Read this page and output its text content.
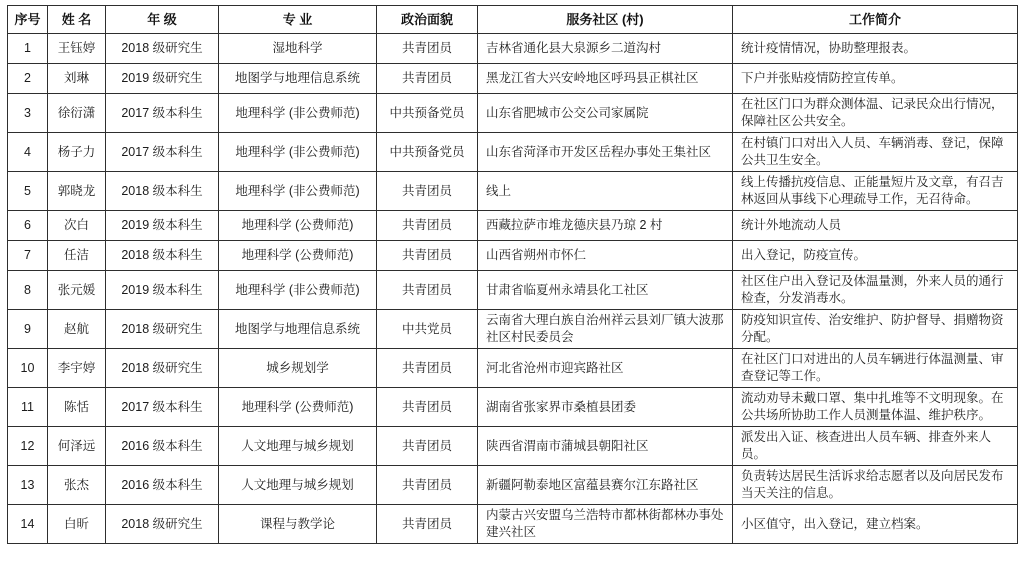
序号	姓 名	年 级	专 业	政治面貌	服务社区 (村)	工作简介
1	王钰婷	2018 级研究生	湿地科学	共青团员	吉林省通化县大泉源乡二道沟村	统计疫情情况，协助整理报表。
2	刘琳	2019 级研究生	地图学与地理信息系统	共青团员	黑龙江省大兴安岭地区呼玛县正棋社区	下户并张贴疫情防控宣传单。
3	徐衍潇	2017 级本科生	地理科学 (非公费师范)	中共预备党员	山东省肥城市公交公司家属院	在社区门口为群众测体温、记录民众出行情况，保障社区公共安全。
4	杨子力	2017 级本科生	地理科学 (非公费师范)	中共预备党员	山东省菏泽市开发区岳程办事处王集社区	在村镇门口对出入人员、车辆消毒、登记，保障公共卫生安全。
5	郭晓龙	2018 级本科生	地理科学 (非公费师范)	共青团员	线上	线上传播抗疫信息、正能量短片及文章，有召吉林返回从事线下心理疏导工作，无召待命。
6	次白	2019 级本科生	地理科学 (公费师范)	共青团员	西藏拉萨市堆龙德庆县乃琼 2 村	统计外地流动人员
7	任洁	2018 级本科生	地理科学 (公费师范)	共青团员	山西省朔州市怀仁	出入登记，防疫宣传。
8	张元媛	2019 级本科生	地理科学 (非公费师范)	共青团员	甘肃省临夏州永靖县化工社区	社区住户出入登记及体温量测，外来人员的通行检查，分发消毒水。
9	赵航	2018 级研究生	地图学与地理信息系统	中共党员	云南省大理白族自治州祥云县刘厂镇大波那社区村民委员会	防疫知识宣传、治安维护、防护督导、捐赠物资分配。
10	李宇婷	2018 级研究生	城乡规划学	共青团员	河北省沧州市迎宾路社区	在社区门口对进出的人员车辆进行体温测量、审查登记等工作。
11	陈恬	2017 级本科生	地理科学 (公费师范)	共青团员	湖南省张家界市桑植县团委	流动劝导未戴口罩、集中扎堆等不文明现象。在公共场所协助工作人员测量体温、维护秩序。
12	何泽远	2016 级本科生	人文地理与城乡规划	共青团员	陕西省渭南市蒲城县朝阳社区	派发出入证、核查进出人员车辆、排查外来人员。
13	张杰	2016 级本科生	人文地理与城乡规划	共青团员	新疆阿勒泰地区富蕴县赛尔江东路社区	负责转达居民生活诉求给志愿者以及向居民发布当天关注的信息。
14	白昕	2018 级研究生	课程与教学论	共青团员	内蒙古兴安盟乌兰浩特市都林街都林办事处建兴社区	小区值守，出入登记，建立档案。
